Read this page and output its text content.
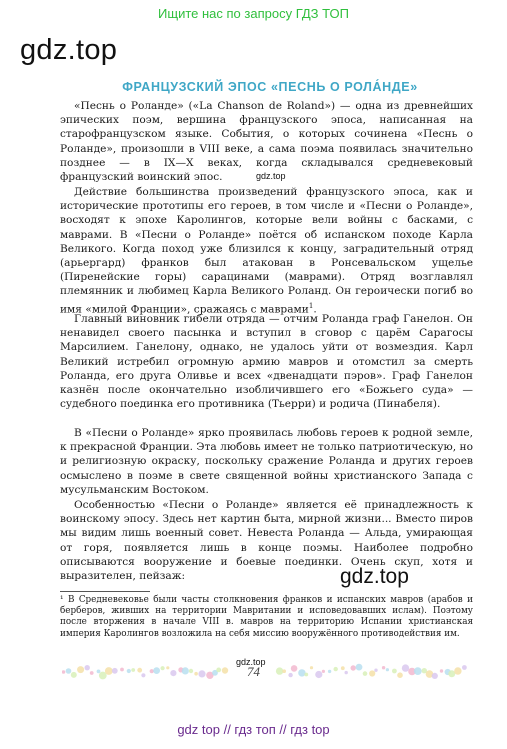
Ищите нас по запросу ГДЗ ТОП
gdz.top
ФРАНЦУЗСКИЙ ЭПОС «ПЕСНЬ О РОЛА́НДЕ»

«Песнь о Роланде» («La Chanson de Roland») — одна из древнейших эпических поэм, вершина французского эпоса, написанная на старофранцузском языке. События, о которых сочинена «Песнь о Роланде», произошли в VIII веке, а сама поэма появилась значительно позднее — в IX—X веках, когда складывался средневековый французский воинский эпос.	gdz.top

Действие большинства произведений французского эпоса, как и исторические прототипы его героев, в том числе и «Песни о Роланде», восходят к эпохе Каролингов, которые вели войны с басками, с маврами. В «Песни о Роланде» поётся об испанском походе Карла Великого. Когда поход уже близился к концу, заградительный отряд (арьергард) франков был атакован в Ронсевальском ущелье (Пиренейские горы) сарацинами (маврами). Отряд возглавлял племянник и любимец Карла Великого Роланд. Он героически погиб во имя «милой Франции», сражаясь с маврами$^1$.

Главный виновник гибели отряда — отчим Роланда граф Ганелон. Он ненавидел своего пасынка и вступил в сговор с царём Сарагосы Марсилием. Ганелону, однако, не удалось уйти от возмездия. Карл Великий истребил огромную армию мавров и отомстил за смерть Роланда, его друга Оливье и всех «двенадцати пэров». Граф Ганелон казнён после окончательно изобличившего его «Божьего суда» — судебного поединка его противника (Тьерри) и родича (Пинабеля).

В «Песни о Роланде» ярко проявилась любовь героев к родной земле, к прекрасной Франции. Эта любовь имеет не только патриотическую, но и религиозную окраску, поскольку сражение Роланда и других героев осмыслено в поэме в свете священной войны христианского Запада с мусульманским Востоком.

Особенностью «Песни о Роланде» является её принадлежность к воинскому эпосу. Здесь нет картин быта, мирной жизни... Вместо пиров мы видим лишь военный совет. Невеста Роланда — Альда, умирающая от горя, появляется лишь в конце поэмы. Наиболее подробно описываются вооружение и боевые поединки. Очень скуп, хотя и выразителен, пейзаж:	gdz.top
¹ В Средневековье были часты столкновения франков и испанских мавров (арабов и берберов, живших на территории Мавритании и исповедовавших ислам). Поэтому после вторжения в начале VIII в. мавров на территорию Испании христианская империя Каролингов возложила на себя миссию вооружённого противодействия им.
gdz.top
74
gdz top // гдз топ // гдз top
